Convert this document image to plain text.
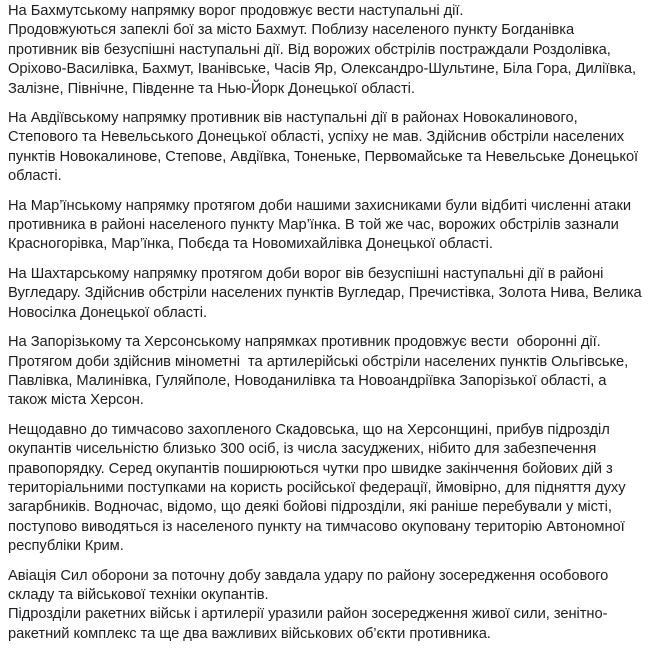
На Бахмутському напрямку ворог продовжує вести наступальні дії.
Продовжуються запеклі бої за місто Бахмут. Поблизу населеного пункту Богданівка
противник вів безуспішні наступальні дії. Від ворожих обстрілів постраждали Роздолівка,
Оріхово-Василівка, Бахмут, Іванівське, Часів Яр, Олександро-Шультине, Біла Гора, Диліївка,
Залізне, Північне, Південне та Нью-Йорк Донецької області.

На Авдіївському напрямку противник вів наступальні дії в районах Новокалинового,
Степового та Невельського Донецької області, успіху не мав. Здійснив обстріли населених
пунктів Новокалинове, Степове, Авдіївка, Тоненьке, Первомайське та Невельське Донецької
області.

На Мар’їнському напрямку протягом доби нашими захисниками були відбиті численні атаки
противника в районі населеного пункту Мар’їнка. В той же час, ворожих обстрілів зазнали
Красногорівка, Мар’їнка, Побєда та Новомихайлівка Донецької області.

На Шахтарському напрямку протягом доби ворог вів безуспішні наступальні дії в районі
Вугледару. Здійснив обстріли населених пунктів Вугледар, Пречистівка, Золота Нива, Велика
Новосілка Донецької області.

На Запорізькому та Херсонському напрямках противник продовжує вести  оборонні дії.
Протягом доби здійснив мінометні  та артилерійські обстріли населених пунктів Ольгівське,
Павлівка, Малинівка, Гуляйполе, Новоданилівка та Новоандріївка Запорізької області, а
також міста Херсон.

Нещодавно до тимчасово захопленого Скадовська, що на Херсонщині, прибув підрозділ
окупантів чисельністю близько 300 осіб, із числа засуджених, нібито для забезпечення
правопорядку. Серед окупантів поширюються чутки про швидке закінчення бойових дій з
територіальними поступками на користь російської федерації, ймовірно, для підняття духу
загарбників. Водночас, відомо, що деякі бойові підрозділи, які раніше перебували у місті,
поступово виводяться із населеного пункту на тимчасово окуповану територію Автономної
республіки Крим.

Авіація Сил оборони за поточну добу завдала удару по району зосередження особового
складу та військової техніки окупантів.
Підрозділи ракетних військ і артилерії уразили район зосередження живої сили, зенітно-
ракетний комплекс та ще два важливих військових об’єкти противника.
